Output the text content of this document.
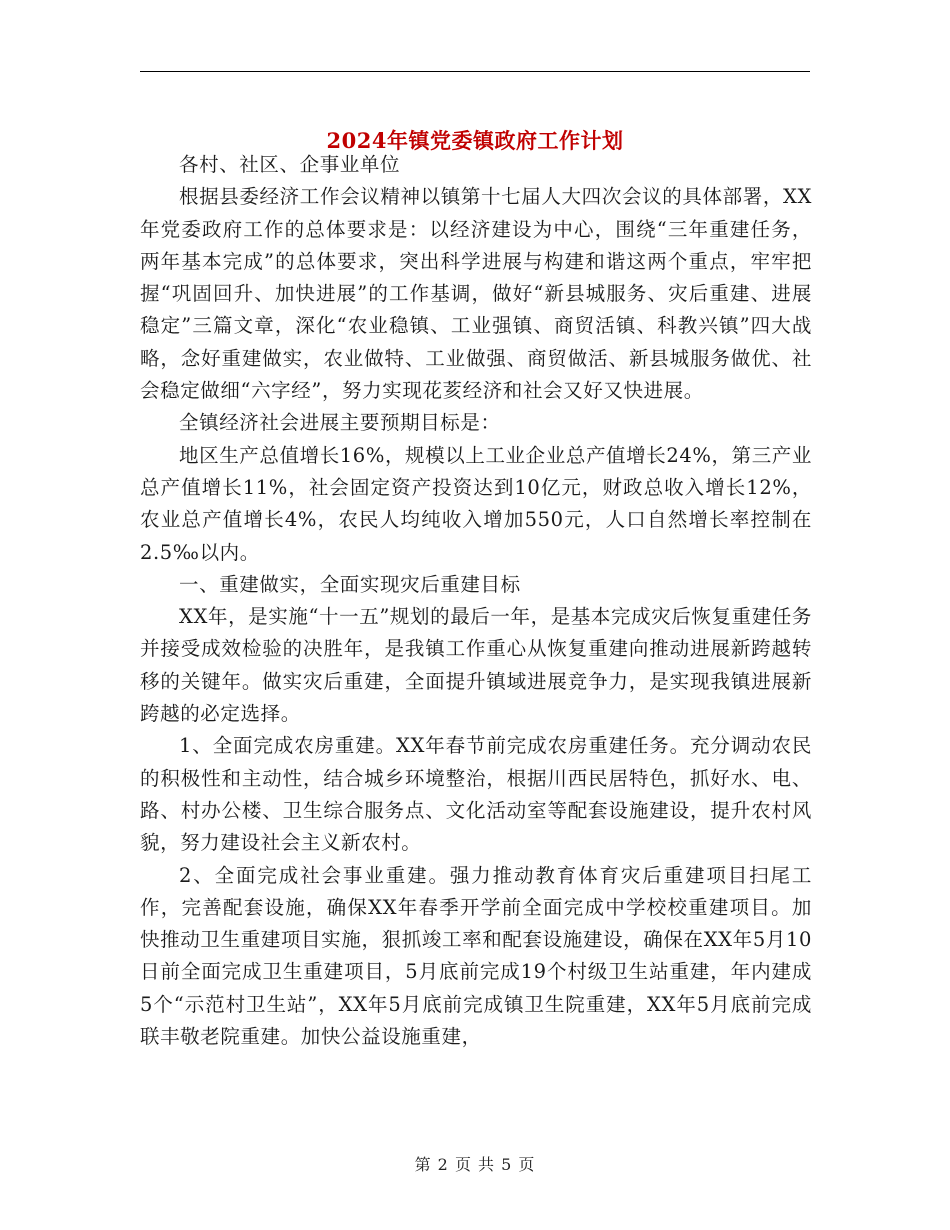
2024年镇党委镇政府工作计划

各村、社区、企事业单位

根据县委经济工作会议精神以镇第十七届人大四次会议的具体部署，XX年党委政府工作的总体要求是：以经济建设为中心，围绕“三年重建任务，两年基本完成”的总体要求，突出科学进展与构建和谐这两个重点，牢牢把握“巩固回升、加快进展”的工作基调，做好“新县城服务、灾后重建、进展稳定”三篇文章，深化“农业稳镇、工业强镇、商贸活镇、科教兴镇”四大战略，念好重建做实，农业做特、工业做强、商贸做活、新县城服务做优、社会稳定做细“六字经”，努力实现花荄经济和社会又好又快进展。

全镇经济社会进展主要预期目标是：

地区生产总值增长16%，规模以上工业企业总产值增长24%，第三产业总产值增长11%，社会固定资产投资达到10亿元，财政总收入增长12%，农业总产值增长4%，农民人均纯收入增加550元，人口自然增长率控制在2.5‰以内。

一、重建做实，全面实现灾后重建目标

XX年，是实施“十一五”规划的最后一年，是基本完成灾后恢复重建任务并接受成效检验的决胜年，是我镇工作重心从恢复重建向推动进展新跨越转移的关键年。做实灾后重建，全面提升镇域进展竞争力，是实现我镇进展新跨越的必定选择。

1、全面完成农房重建。XX年春节前完成农房重建任务。充分调动农民的积极性和主动性，结合城乡环境整治，根据川西民居特色，抓好水、电、路、村办公楼、卫生综合服务点、文化活动室等配套设施建设，提升农村风貌，努力建设社会主义新农村。

2、全面完成社会事业重建。强力推动教育体育灾后重建项目扫尾工作，完善配套设施，确保XX年春季开学前全面完成中学校校重建项目。加快推动卫生重建项目实施，狠抓竣工率和配套设施建设，确保在XX年5月10日前全面完成卫生重建项目，5月底前完成19个村级卫生站重建，年内建成5个“示范村卫生站”，XX年5月底前完成镇卫生院重建，XX年5月底前完成联丰敬老院重建。加快公益设施重建，

第 2 页 共 5 页
